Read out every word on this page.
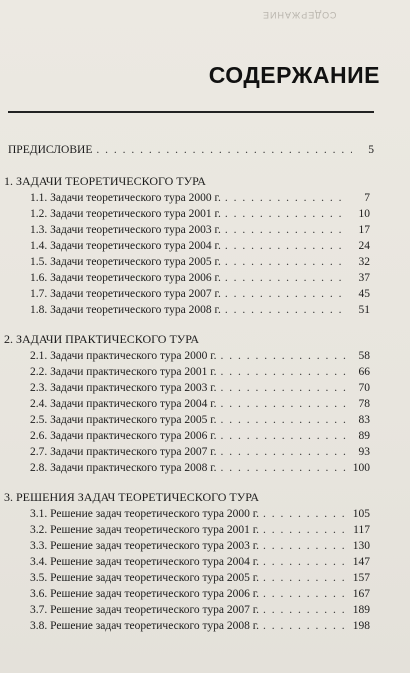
СОДЕРЖАНИЕ
СОДЕРЖАНИЕ
ПРЕДИСЛОВИЕ . . .	5
1. ЗАДАЧИ ТЕОРЕТИЧЕСКОГО ТУРА
1.1. Задачи теоретического тура 2000 г. . . .	7
1.2. Задачи теоретического тура 2001 г. . . .	10
1.3. Задачи теоретического тура 2003 г. . . .	17
1.4. Задачи теоретического тура 2004 г. . . .	24
1.5. Задачи теоретического тура 2005 г. . . .	32
1.6. Задачи теоретического тура 2006 г. . . .	37
1.7. Задачи теоретического тура 2007 г. . . .	45
1.8. Задачи теоретического тура 2008 г. . . .	51
2. ЗАДАЧИ ПРАКТИЧЕСКОГО ТУРА
2.1. Задачи практического тура 2000 г. . . .	58
2.2. Задачи практического тура 2001 г. . . .	66
2.3. Задачи практического тура 2003 г. . . .	70
2.4. Задачи практического тура 2004 г. . . .	78
2.5. Задачи практического тура 2005 г. . . .	83
2.6. Задачи практического тура 2006 г. . . .	89
2.7. Задачи практического тура 2007 г. . . .	93
2.8. Задачи практического тура 2008 г. . . .	100
3. РЕШЕНИЯ ЗАДАЧ ТЕОРЕТИЧЕСКОГО ТУРА
3.1. Решение задач теоретического тура 2000 г. . . .	105
3.2. Решение задач теоретического тура 2001 г. . . .	117
3.3. Решение задач теоретического тура 2003 г. . . .	130
3.4. Решение задач теоретического тура 2004 г. . . .	147
3.5. Решение задач теоретического тура 2005 г. . . .	157
3.6. Решение задач теоретического тура 2006 г. . . .	167
3.7. Решение задач теоретического тура 2007 г. . . .	189
3.8. Решение задач теоретического тура 2008 г. . . .	198
